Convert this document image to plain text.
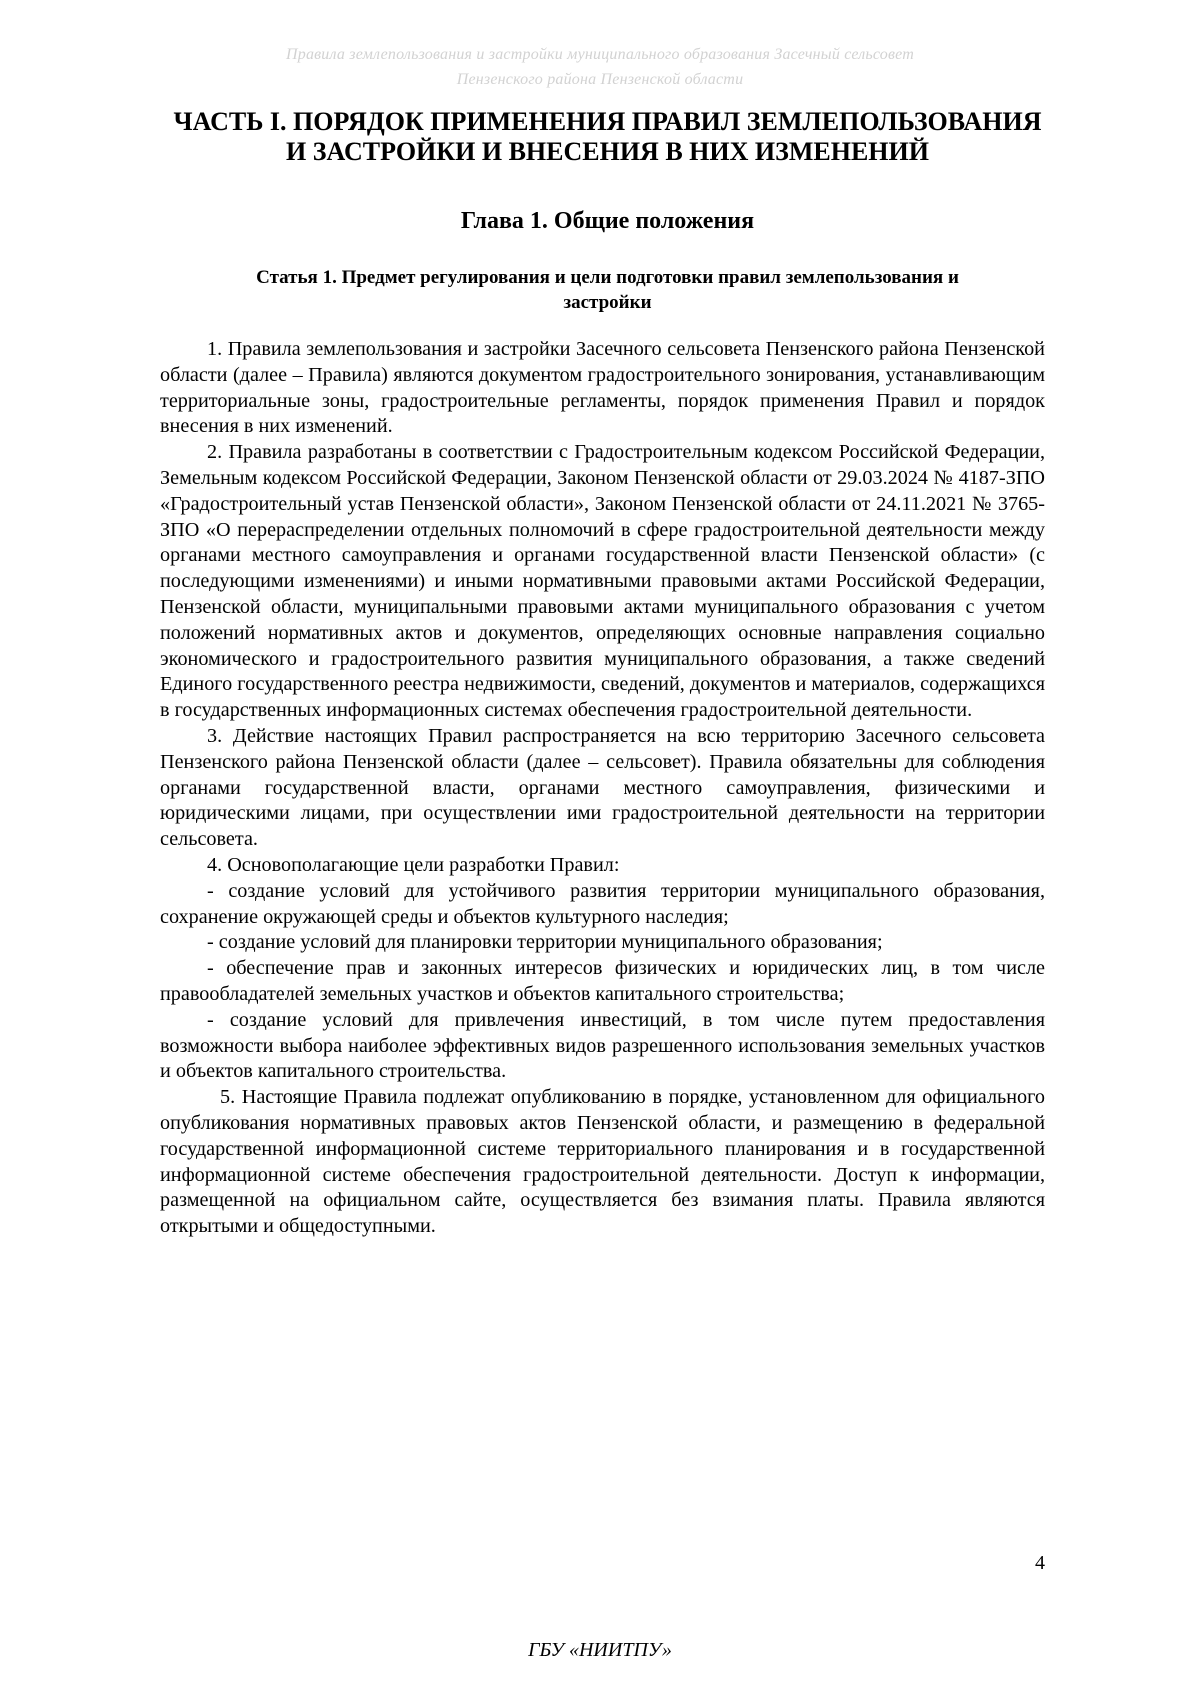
Правила землепользования и застройки муниципального образования Засечный сельсовет
Пензенского района Пензенской области
ЧАСТЬ I. ПОРЯДОК ПРИМЕНЕНИЯ ПРАВИЛ ЗЕМЛЕПОЛЬЗОВАНИЯ
И ЗАСТРОЙКИ И ВНЕСЕНИЯ В НИХ ИЗМЕНЕНИЙ
Глава 1. Общие положения
Статья 1. Предмет регулирования и цели подготовки правил землепользования и
застройки

1. Правила землепользования и застройки Засечного сельсовета Пензенского района Пензенской области (далее – Правила) являются документом градостроительного зонирования, устанавливающим территориальные зоны, градостроительные регламенты, порядок применения Правил и порядок внесения в них изменений.

2. Правила разработаны в соответствии с Градостроительным кодексом Российской Федерации, Земельным кодексом Российской Федерации, Законом Пензенской области от 29.03.2024 № 4187-ЗПО «Градостроительный устав Пензенской области», Законом Пензенской области от 24.11.2021 № 3765-ЗПО «О перераспределении отдельных полномочий в сфере градостроительной деятельности между органами местного самоуправления и органами государственной власти Пензенской области» (с последующими изменениями) и иными нормативными правовыми актами Российской Федерации, Пензенской области, муниципальными правовыми актами муниципального образования с учетом положений нормативных актов и документов, определяющих основные направления социально экономического и градостроительного развития муниципального образования, а также сведений Единого государственного реестра недвижимости, сведений, документов и материалов, содержащихся в государственных информационных системах обеспечения градостроительной деятельности.

3. Действие настоящих Правил распространяется на всю территорию Засечного сельсовета Пензенского района Пензенской области (далее – сельсовет). Правила обязательны для соблюдения органами государственной власти, органами местного самоуправления, физическими и юридическими лицами, при осуществлении ими градостроительной деятельности на территории сельсовета.

4. Основополагающие цели разработки Правил:

- создание условий для устойчивого развития территории муниципального образования, сохранение окружающей среды и объектов культурного наследия;

- создание условий для планировки территории муниципального образования;

- обеспечение прав и законных интересов физических и юридических лиц, в том числе правообладателей земельных участков и объектов капитального строительства;

- создание условий для привлечения инвестиций, в том числе путем предоставления возможности выбора наиболее эффективных видов разрешенного использования земельных участков и объектов капитального строительства.

5. Настоящие Правила подлежат опубликованию в порядке, установленном для официального опубликования нормативных правовых актов Пензенской области, и размещению в федеральной государственной информационной системе территориального планирования и в государственной информационной системе обеспечения градостроительной деятельности. Доступ к информации, размещенной на официальном сайте, осуществляется без взимания платы. Правила являются открытыми и общедоступными.

4
ГБУ «НИИТПУ»
